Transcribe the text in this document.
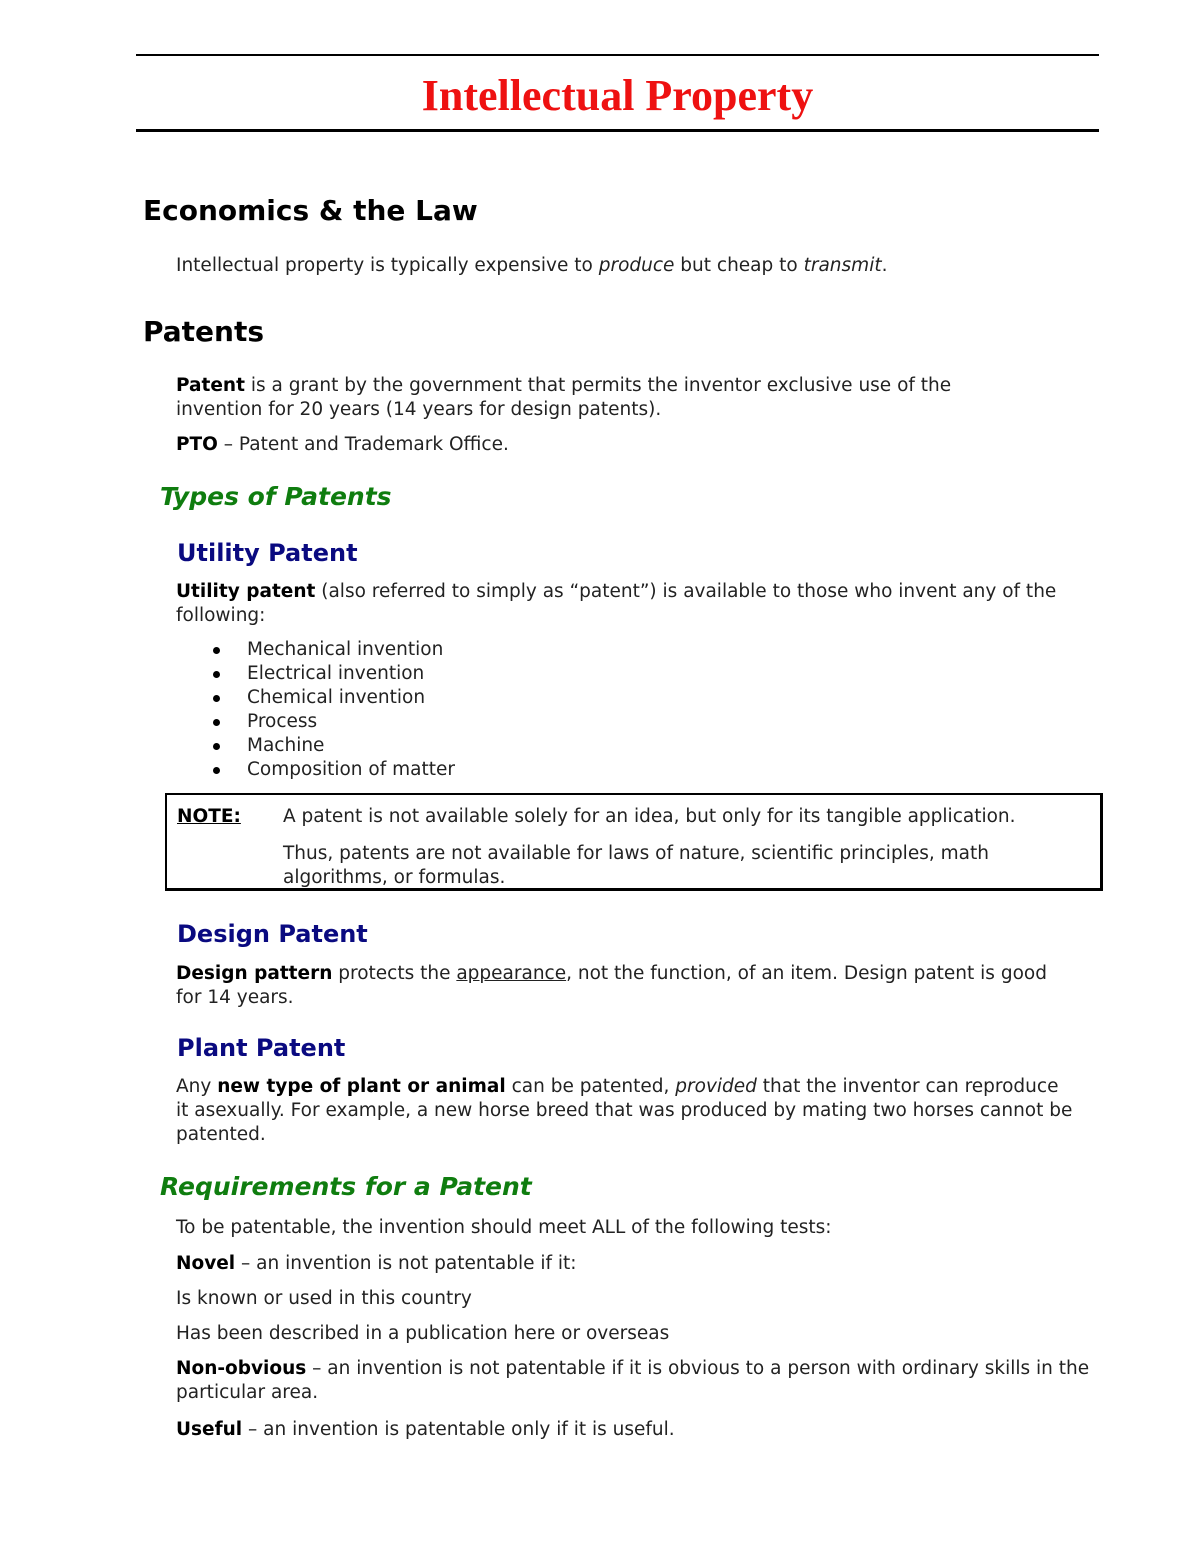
Intellectual Property
Economics & the Law

Intellectual property is typically expensive to produce but cheap to transmit.

Patents

Patent is a grant by the government that permits the inventor exclusive use of the invention for 20 years (14 years for design patents).

PTO – Patent and Trademark Office.

Types of Patents
Utility Patent

Utility patent (also referred to simply as “patent”) is available to those who invent any of the following:

Mechanical invention
Electrical invention
Chemical invention
Process
Machine
Composition of matter
NOTE: A patent is not available solely for an idea, but only for its tangible application.

Thus, patents are not available for laws of nature, scientific principles, math algorithms, or formulas.

Design Patent

Design pattern protects the appearance, not the function, of an item. Design patent is good for 14 years.

Plant Patent

Any new type of plant or animal can be patented, provided that the inventor can reproduce it asexually. For example, a new horse breed that was produced by mating two horses cannot be patented.

Requirements for a Patent

To be patentable, the invention should meet ALL of the following tests:

Novel – an invention is not patentable if it:

Is known or used in this country

Has been described in a publication here or overseas

Non-obvious – an invention is not patentable if it is obvious to a person with ordinary skills in the particular area.

Useful – an invention is patentable only if it is useful.
